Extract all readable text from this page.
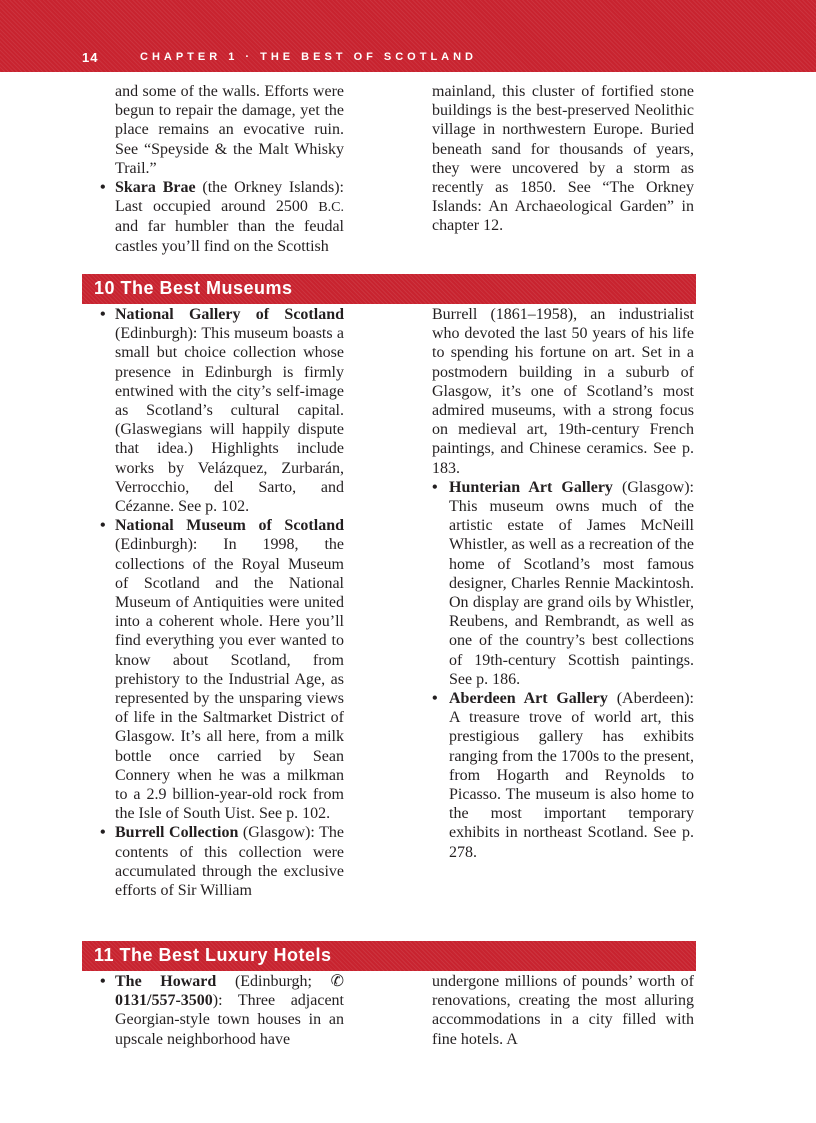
14	CHAPTER 1 · THE BEST OF SCOTLAND

and some of the walls. Efforts were begun to repair the damage, yet the place remains an evocative ruin. See “Speyside & the Malt Whisky Trail.”

• Skara Brae (the Orkney Islands): Last occupied around 2500 B.C. and far humbler than the feudal castles you’ll find on the Scottish

mainland, this cluster of fortified stone buildings is the best-preserved Neolithic village in northwestern Europe. Buried beneath sand for thousands of years, they were uncovered by a storm as recently as 1850. See “The Orkney Islands: An Archaeological Garden” in chapter 12.

10 The Best Museums
• National Gallery of Scotland (Edinburgh): This museum boasts a small but choice collection whose presence in Edinburgh is firmly entwined with the city’s self-image as Scotland’s cultural capital. (Glaswegians will happily dispute that idea.) Highlights include works by Velázquez, Zurbarán, Verrocchio, del Sarto, and Cézanne. See p. 102.
• National Museum of Scotland (Edinburgh): In 1998, the collections of the Royal Museum of Scotland and the National Museum of Antiquities were united into a coherent whole. Here you’ll find everything you ever wanted to know about Scotland, from prehistory to the Industrial Age, as represented by the unsparing views of life in the Saltmarket District of Glasgow. It’s all here, from a milk bottle once carried by Sean Connery when he was a milkman to a 2.9 billion-year-old rock from the Isle of South Uist. See p. 102.
• Burrell Collection (Glasgow): The contents of this collection were accumulated through the exclusive efforts of Sir William

Burrell (1861–1958), an industrialist who devoted the last 50 years of his life to spending his fortune on art. Set in a postmodern building in a suburb of Glasgow, it’s one of Scotland’s most admired museums, with a strong focus on medieval art, 19th-century French paintings, and Chinese ceramics. See p. 183.

• Hunterian Art Gallery (Glasgow): This museum owns much of the artistic estate of James McNeill Whistler, as well as a recreation of the home of Scotland’s most famous designer, Charles Rennie Mackintosh. On display are grand oils by Whistler, Reubens, and Rembrandt, as well as one of the country’s best collections of 19th-century Scottish paintings. See p. 186.
• Aberdeen Art Gallery (Aberdeen): A treasure trove of world art, this prestigious gallery has exhibits ranging from the 1700s to the present, from Hogarth and Reynolds to Picasso. The museum is also home to the most important temporary exhibits in northeast Scotland. See p. 278.
11 The Best Luxury Hotels
• The Howard (Edinburgh; ✆ 0131/557-3500): Three adjacent Georgian-style town houses in an upscale neighborhood have

undergone millions of pounds’ worth of renovations, creating the most alluring accommodations in a city filled with fine hotels. A
